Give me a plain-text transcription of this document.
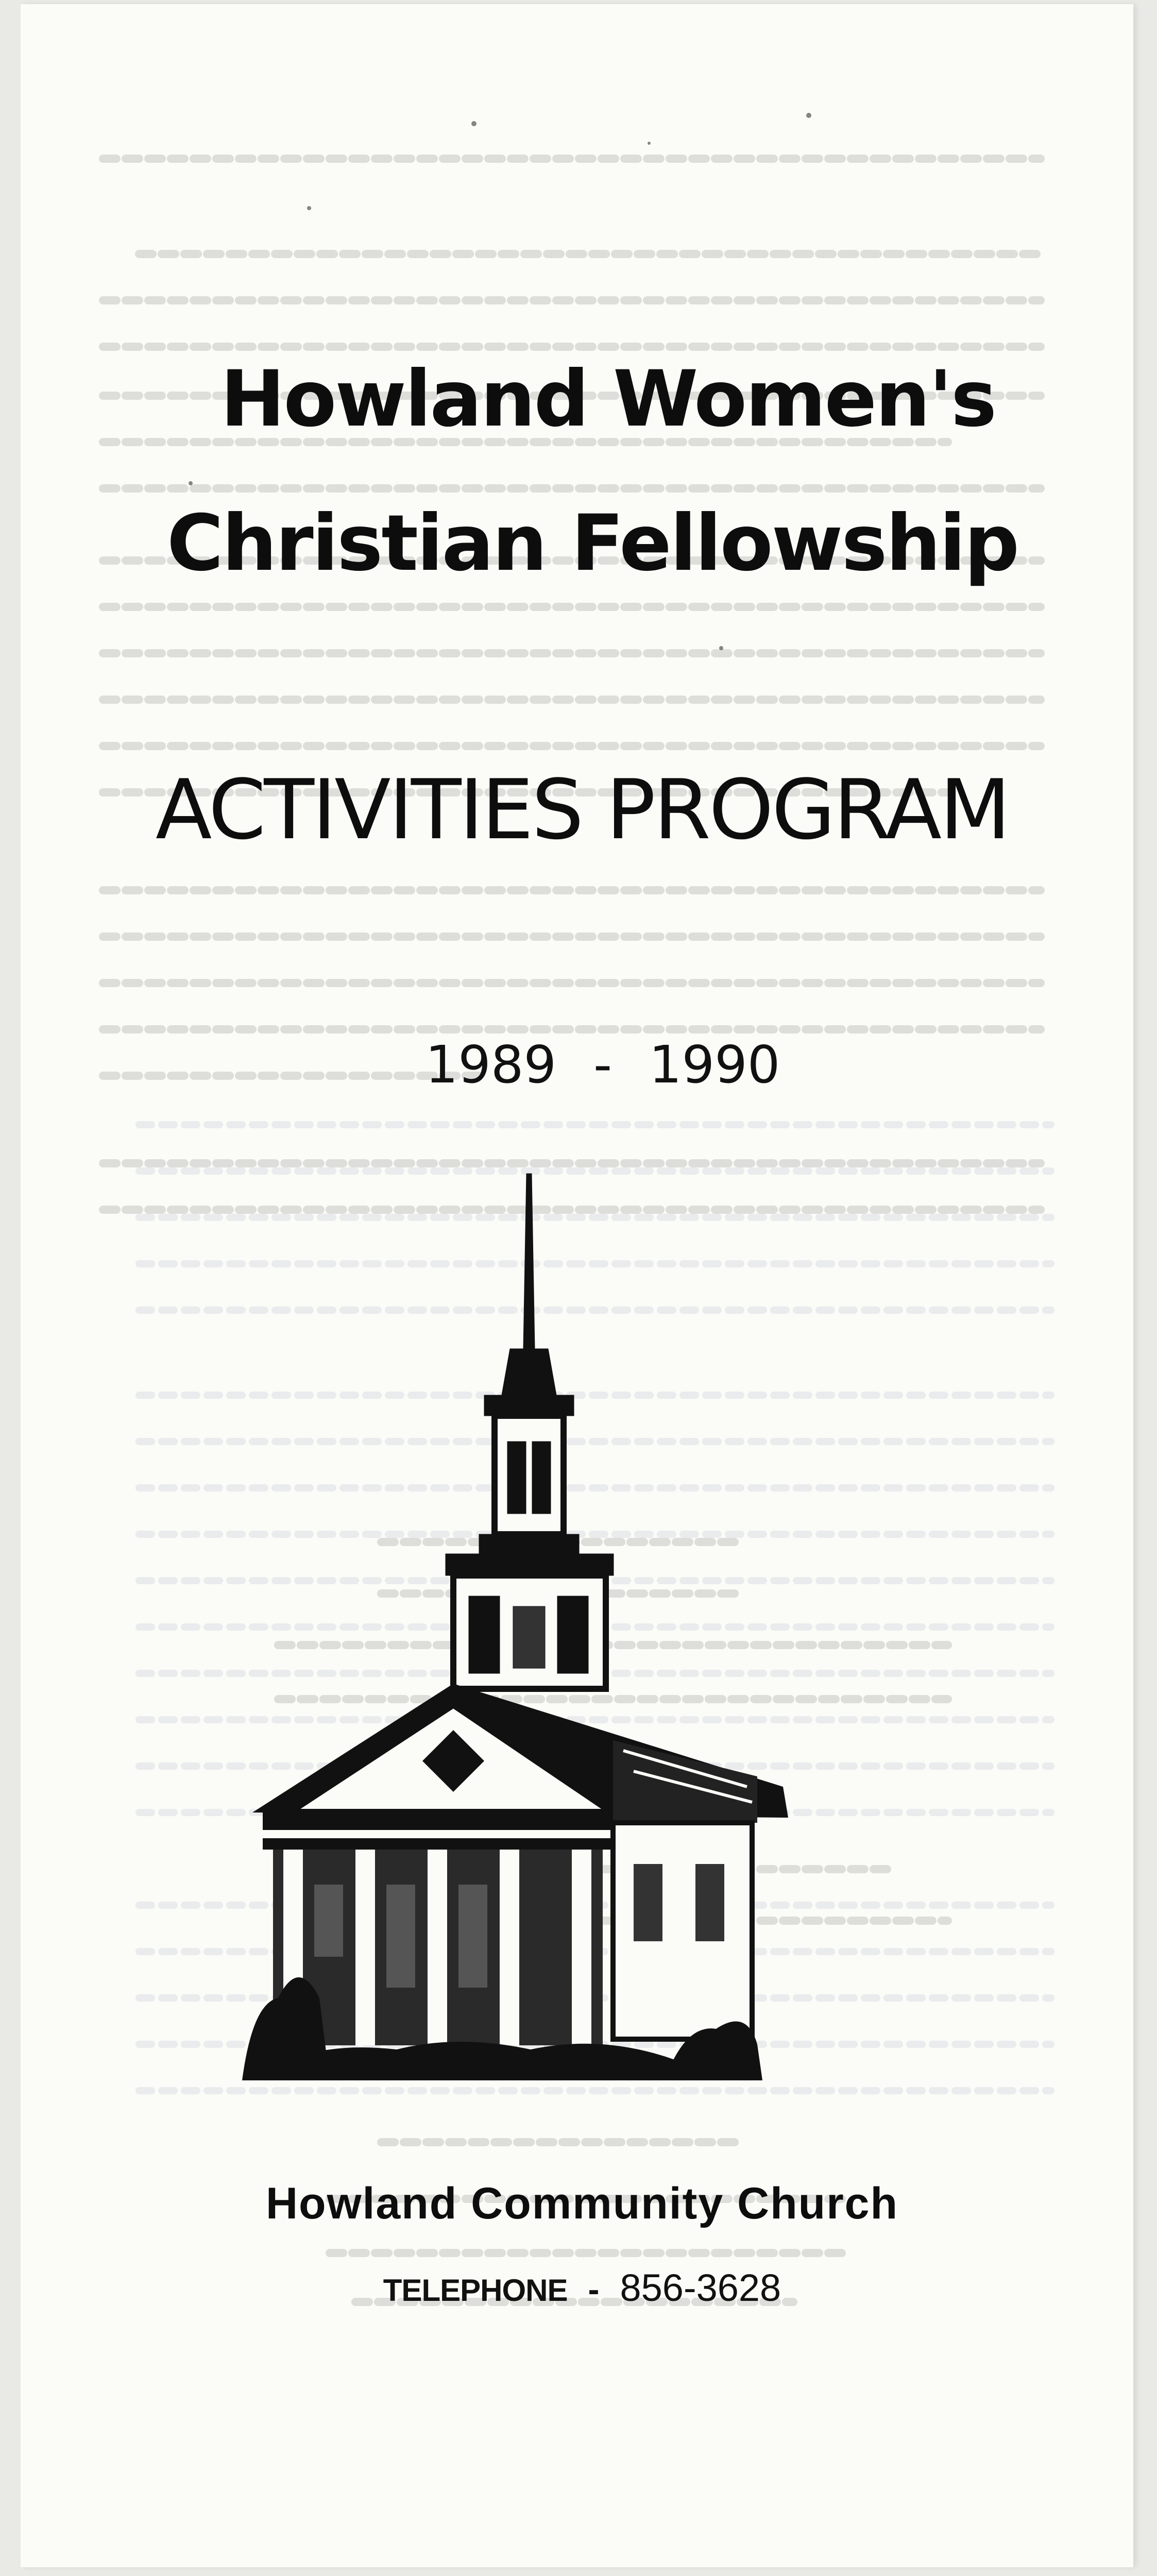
Howland Women's
Christian Fellowship
ACTIVITIES PROGRAM
1989 - 1990
Howland Community Church
TELEPHONE - 856-3628
